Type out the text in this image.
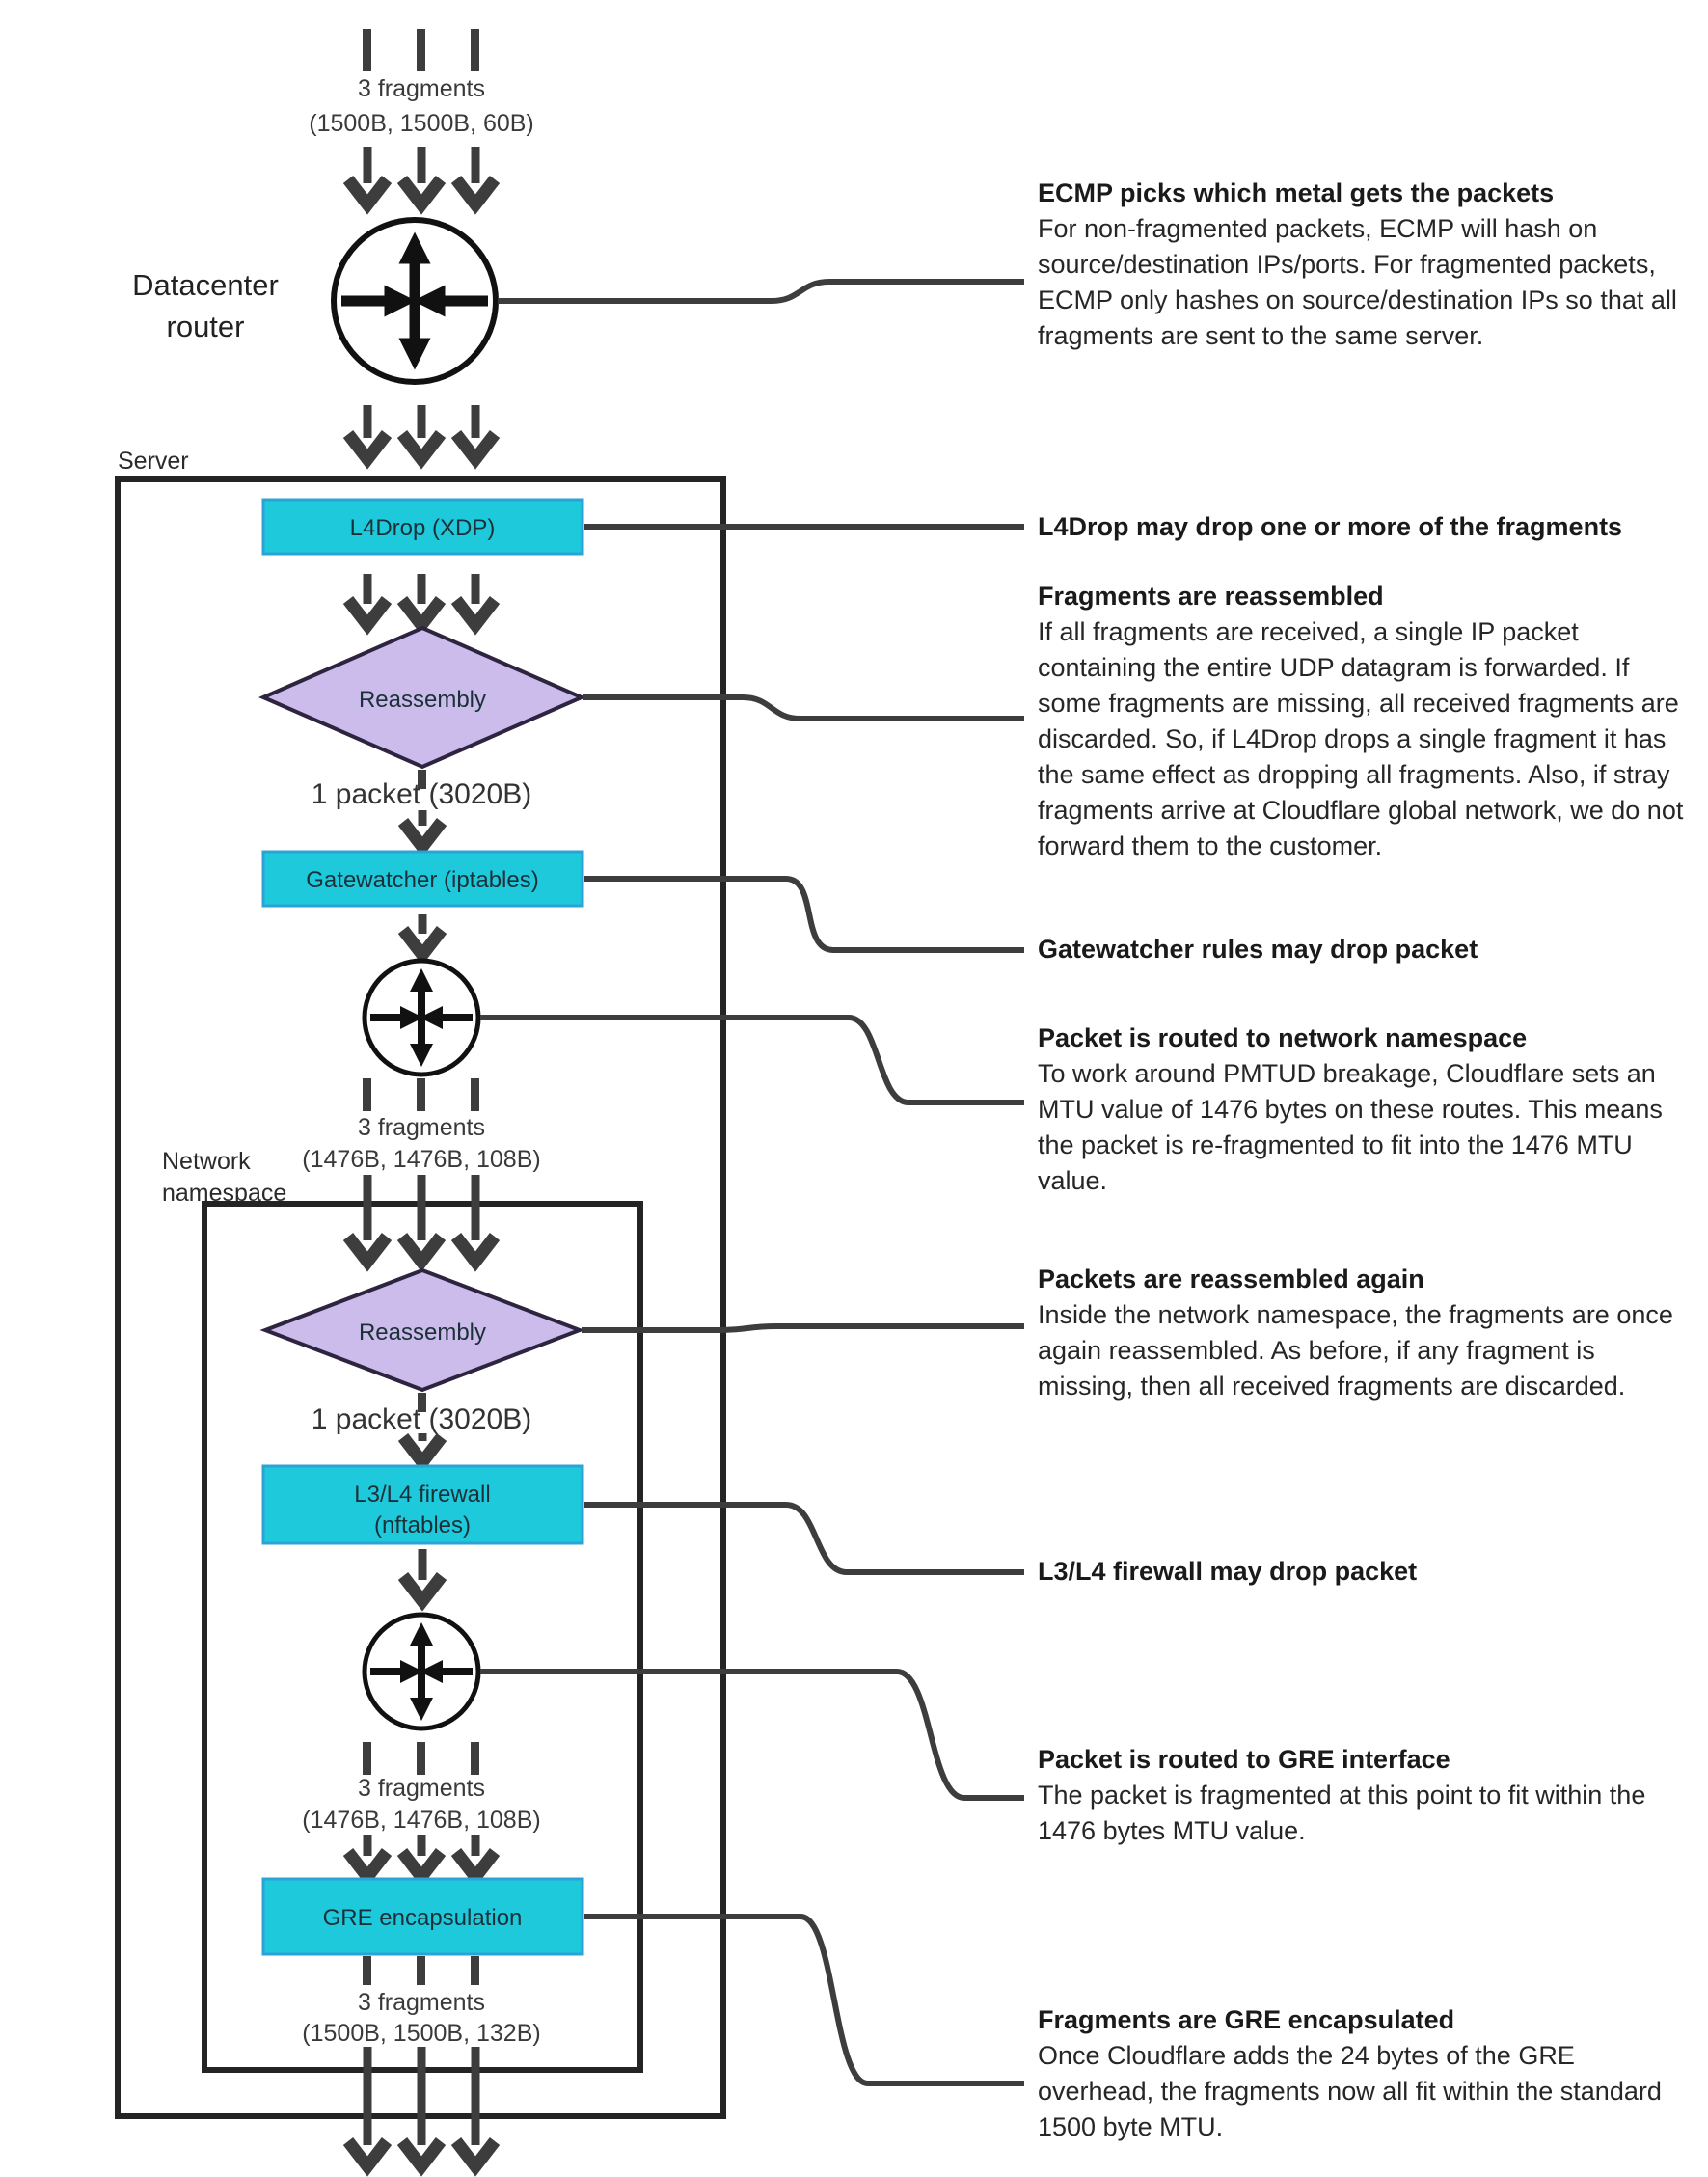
3 fragments
(1500B, 1500B, 60B)
Datacenter
router
Server
L4Drop (XDP)
Reassembly
1 packet (3020B)
Gatewatcher (iptables)
3 fragments
(1476B, 1476B, 108B)
Network
namespace
Reassembly
1 packet (3020B)
L3/L4 firewall
(nftables)
3 fragments
(1476B, 1476B, 108B)
GRE encapsulation
3 fragments
(1500B, 1500B, 132B)
ECMP picks which metal gets the packets
For non-fragmented packets, ECMP will hash on source/destination IPs/ports. For fragmented packets, ECMP only hashes on source/destination IPs so that all fragments are sent to the same server.
L4Drop may drop one or more of the fragments
Fragments are reassembled
If all fragments are received, a single IP packet containing the entire UDP datagram is forwarded. If some fragments are missing, all received fragments are discarded. So, if L4Drop drops a single fragment it has the same effect as dropping all fragments. Also, if stray fragments arrive at Cloudflare global network, we do not forward them to the customer.
Gatewatcher rules may drop packet
Packet is routed to network namespace
To work around PMTUD breakage, Cloudflare sets an MTU value of 1476 bytes on these routes. This means the packet is re-fragmented to fit into the 1476 MTU value.
Packets are reassembled again
Inside the network namespace, the fragments are once again reassembled. As before, if any fragment is missing, then all received fragments are discarded.
L3/L4 firewall may drop packet
Packet is routed to GRE interface
The packet is fragmented at this point to fit within the 1476 bytes MTU value.
Fragments are GRE encapsulated
Once Cloudflare adds the 24 bytes of the GRE overhead, the fragments now all fit within the standard 1500 byte MTU.
